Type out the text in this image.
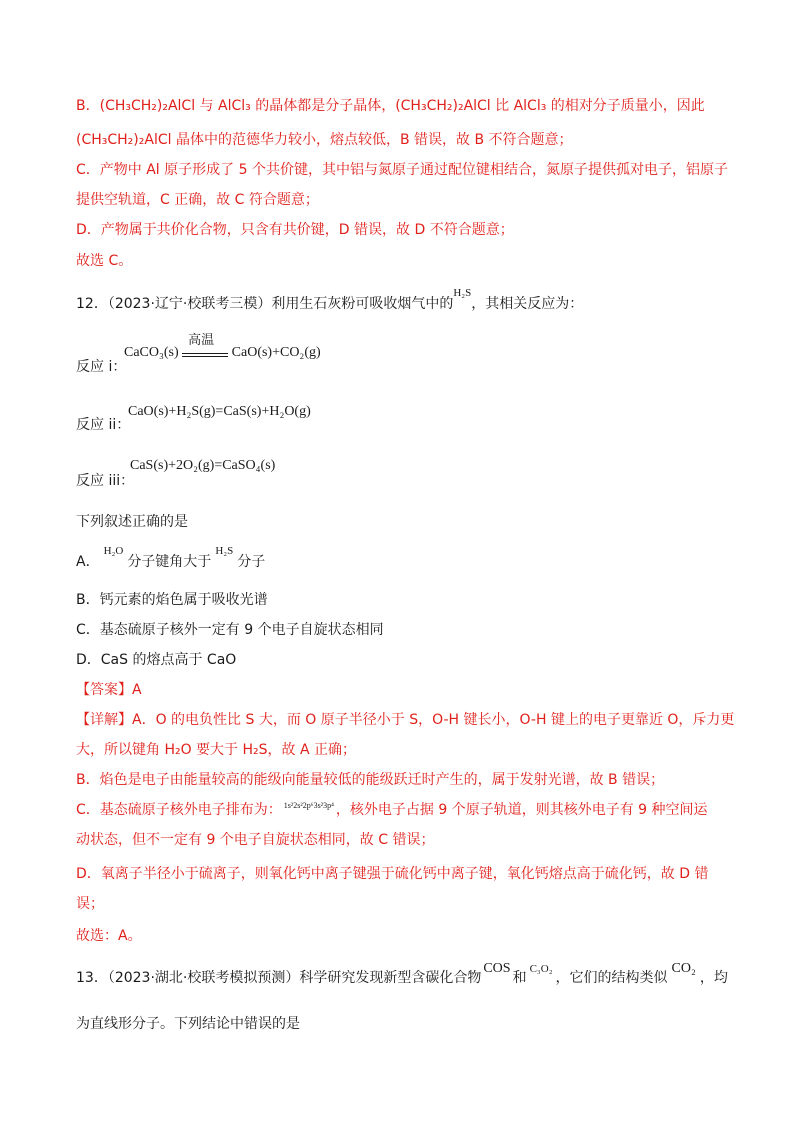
B．(CH₃CH₂)₂AlCl 与 AlCl₃ 的晶体都是分子晶体，(CH₃CH₂)₂AlCl 比 AlCl₃ 的相对分子质量小，因此
(CH₃CH₂)₂AlCl 晶体中的范德华力较小，熔点较低，B 错误，故 B 不符合题意；
C．产物中 Al 原子形成了 5 个共价键，其中铝与氮原子通过配位键相结合，氮原子提供孤对电子，铝原子
提供空轨道，C 正确，故 C 符合题意；
D．产物属于共价化合物，只含有共价键，D 错误，故 D 不符合题意；
故选 C。
12．（2023·辽宁·校联考三模）利用生石灰粉可吸收烟气中的$^{H_2S}$，其相关反应为：
反应 i：
CaCO₃(s)
高温
CaO(s)+CO₂(g)
反应 ii：
CaO(s)+H₂S(g)=CaS(s)+H₂O(g)
反应 iii：
CaS(s)+2O₂(g)=CaSO₄(s)
下列叙述正确的是
A．$^{H_2O}$分子键角大于$^{H_2S}$分子
B．钙元素的焰色属于吸收光谱
C．基态硫原子核外一定有 9 个电子自旋状态相同
D．CaS 的熔点高于 CaO
【答案】A
【详解】A．O 的电负性比 S 大，而 O 原子半径小于 S，O-H 键长小，O-H 键上的电子更靠近 O，斥力更
大，所以键角 H₂O 要大于 H₂S，故 A 正确；
B．焰色是电子由能量较高的能级向能量较低的能级跃迁时产生的，属于发射光谱，故 B 错误；
C．基态硫原子核外电子排布为： $^{1s^22s^22p^63s^23p^4}$ ，核外电子占据 9 个原子轨道，则其核外电子有 9 种空间运
动状态，但不一定有 9 个电子自旋状态相同，故 C 错误；
D．氧离子半径小于硫离子，则氧化钙中离子键强于硫化钙中离子键，氧化钙熔点高于硫化钙，故 D 错
误；
故选：A。
13．（2023·湖北·校联考模拟预测）科学研究发现新型含碳化合物COS和$^{C_3O_2}$，它们的结构类似CO₂，均
为直线形分子。下列结论中错误的是
